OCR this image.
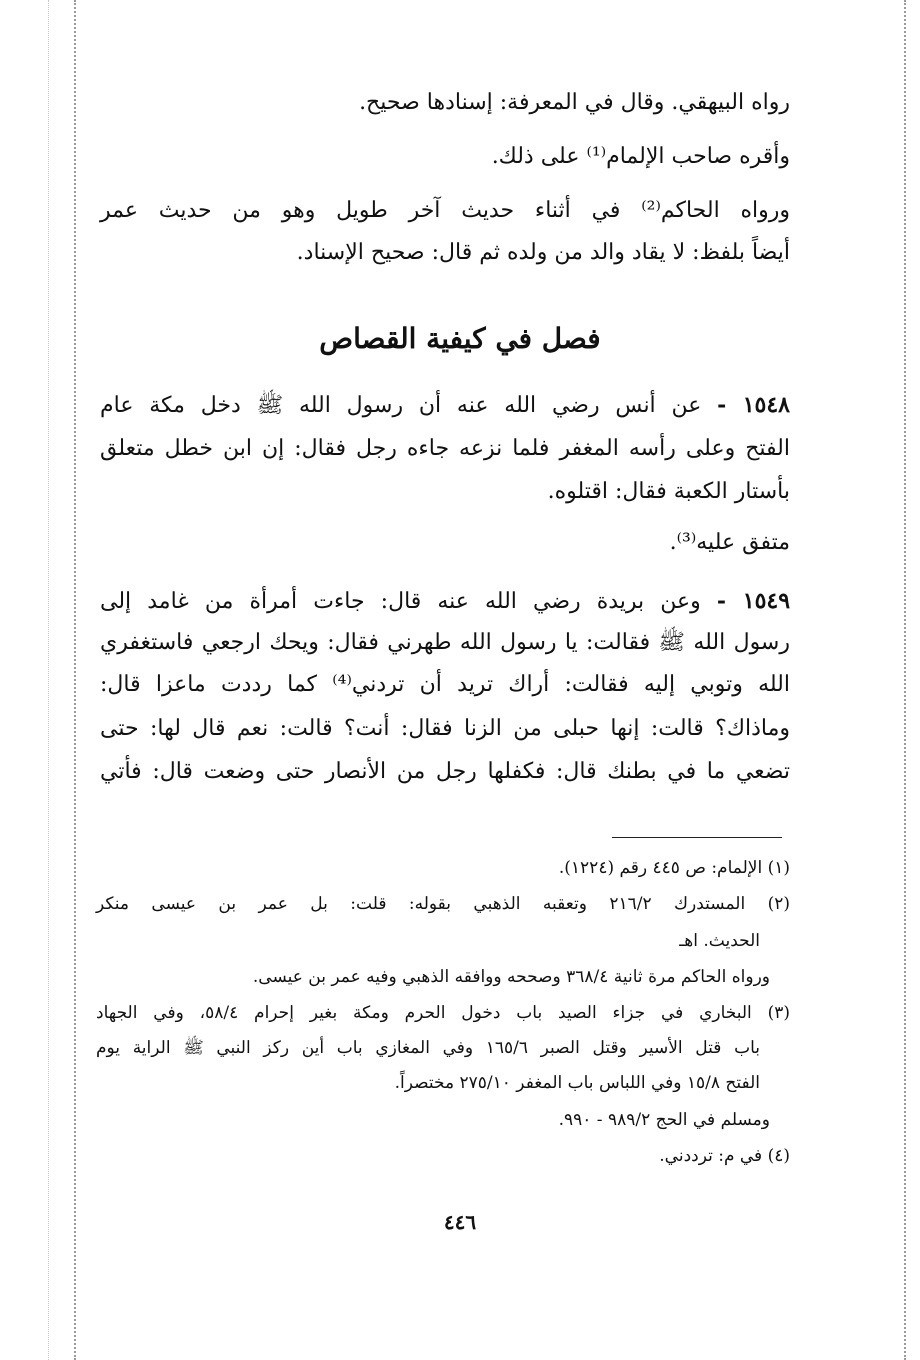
رواه البيهقي. وقال في المعرفة: إسنادها صحيح.
وأقره صاحب الإلمام⁽¹⁾ على ذلك.
ورواه الحاكم⁽²⁾ في أثناء حديث آخر طويل وهو من حديث عمر
أيضاً بلفظ: لا يقاد والد من ولده ثم قال: صحيح الإسناد.
فصل في كيفية القصاص
١٥٤٨ - عن أنس رضي الله عنه أن رسول الله ﷺ دخل مكة عام
الفتح وعلى رأسه المغفر فلما نزعه جاءه رجل فقال: إن ابن خطل متعلق
بأستار الكعبة فقال: اقتلوه.
متفق عليه⁽³⁾.
١٥٤٩ - وعن بريدة رضي الله عنه قال: جاءت أمرأة من غامد إلى
رسول الله ﷺ فقالت: يا رسول الله طهرني فقال: ويحك ارجعي فاستغفري
الله وتوبي إليه فقالت: أراك تريد أن تردني⁽⁴⁾ كما رددت ماعزا قال:
وماذاك؟ قالت: إنها حبلى من الزنا فقال: أنت؟ قالت: نعم قال لها: حتى
تضعي ما في بطنك قال: فكفلها رجل من الأنصار حتى وضعت قال: فأتي
(١) الإلمام: ص ٤٤٥ رقم (١٢٢٤).
(٢) المستدرك ٢١٦/٢ وتعقبه الذهبي بقوله: قلت: بل عمر بن عيسى منكر
الحديث. اهـ
ورواه الحاكم مرة ثانية ٣٦٨/٤ وصححه ووافقه الذهبي وفيه عمر بن عيسى.
(٣) البخاري في جزاء الصيد باب دخول الحرم ومكة بغير إحرام ٥٨/٤، وفي الجهاد
باب قتل الأسير وقتل الصبر ١٦٥/٦ وفي المغازي باب أين ركز النبي ﷺ الراية يوم
الفتح ١٥/٨ وفي اللباس باب المغفر ٢٧٥/١٠ مختصراً.
ومسلم في الحج ٩٨٩/٢ - ٩٩٠.
(٤) في م: ترددني.
٤٤٦
